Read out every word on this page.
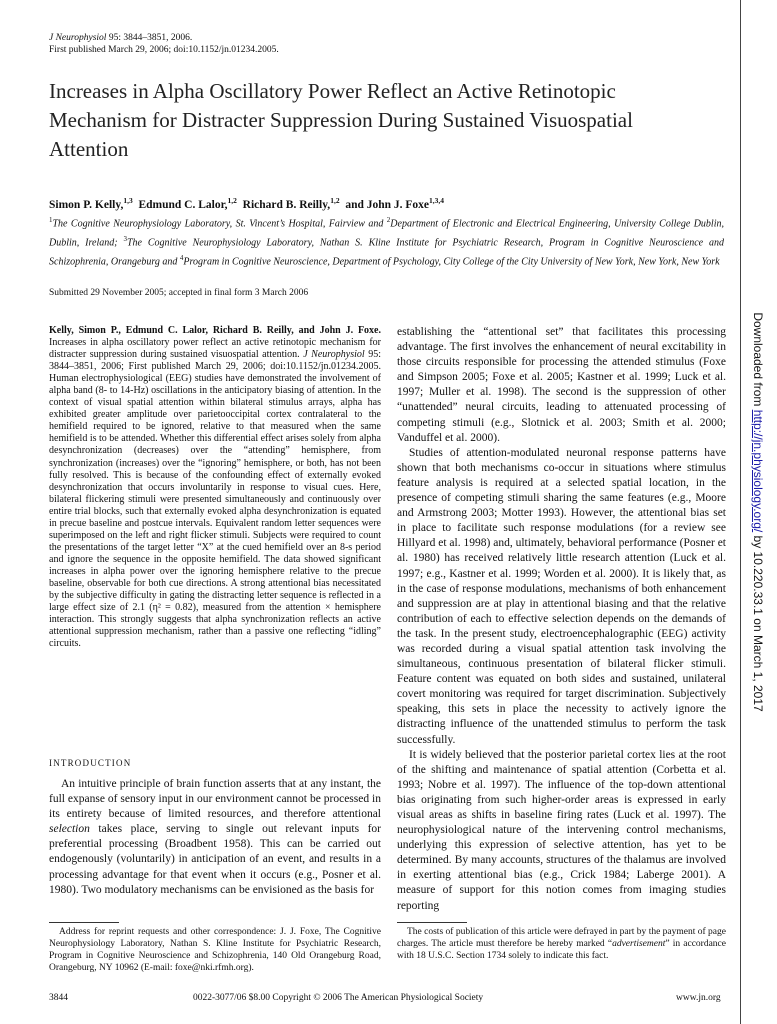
J Neurophysiol 95: 3844–3851, 2006.
First published March 29, 2006; doi:10.1152/jn.01234.2005.
Increases in Alpha Oscillatory Power Reflect an Active Retinotopic Mechanism for Distracter Suppression During Sustained Visuospatial Attention
Simon P. Kelly,$^{1,3}$ Edmund C. Lalor,$^{1,2}$ Richard B. Reilly,$^{1,2}$ and John J. Foxe$^{1,3,4}$
$^1$The Cognitive Neurophysiology Laboratory, St. Vincent’s Hospital, Fairview and $^2$Department of Electronic and Electrical Engineering, University College Dublin, Dublin, Ireland; $^3$The Cognitive Neurophysiology Laboratory, Nathan S. Kline Institute for Psychiatric Research, Program in Cognitive Neuroscience and Schizophrenia, Orangeburg and $^4$Program in Cognitive Neuroscience, Department of Psychology, City College of the City University of New York, New York, New York
Submitted 29 November 2005; accepted in final form 3 March 2006
Kelly, Simon P., Edmund C. Lalor, Richard B. Reilly, and John J. Foxe. Increases in alpha oscillatory power reflect an active retinotopic mechanism for distracter suppression during sustained visuospatial attention. J Neurophysiol 95: 3844–3851, 2006; First published March 29, 2006; doi:10.1152/jn.01234.2005. Human electrophysiological (EEG) studies have demonstrated the involvement of alpha band (8- to 14-Hz) oscillations in the anticipatory biasing of attention. In the context of visual spatial attention within bilateral stimulus arrays, alpha has exhibited greater amplitude over parietooccipital cortex contralateral to the hemifield required to be ignored, relative to that measured when the same hemifield is to be attended. Whether this differential effect arises solely from alpha desynchronization (decreases) over the “attending” hemisphere, from synchronization (increases) over the “ignoring” hemisphere, or both, has not been fully resolved. This is because of the confounding effect of externally evoked desynchronization that occurs involuntarily in response to visual cues. Here, bilateral flickering stimuli were presented simultaneously and continuously over entire trial blocks, such that externally evoked alpha desynchronization is equated in precue baseline and postcue intervals. Equivalent random letter sequences were superimposed on the left and right flicker stimuli. Subjects were required to count the presentations of the target letter “X” at the cued hemifield over an 8-s period and ignore the sequence in the opposite hemifield. The data showed significant increases in alpha power over the ignoring hemisphere relative to the precue baseline, observable for both cue directions. A strong attentional bias necessitated by the subjective difficulty in gating the distracting letter sequence is reflected in a large effect size of 2.1 (η² = 0.82), measured from the attention × hemisphere interaction. This strongly suggests that alpha synchronization reflects an active attentional suppression mechanism, rather than a passive one reflecting “idling” circuits.
INTRODUCTION
An intuitive principle of brain function asserts that at any instant, the full expanse of sensory input in our environment cannot be processed in its entirety because of limited resources, and therefore attentional selection takes place, serving to single out relevant inputs for preferential processing (Broadbent 1958). This can be carried out endogenously (voluntarily) in anticipation of an event, and results in a processing advantage for that event when it occurs (e.g., Posner et al. 1980). Two modulatory mechanisms can be envisioned as the basis for

establishing the “attentional set” that facilitates this processing advantage. The first involves the enhancement of neural excitability in those circuits responsible for processing the attended stimulus (Foxe and Simpson 2005; Foxe et al. 2005; Kastner et al. 1999; Luck et al. 1997; Muller et al. 1998). The second is the suppression of other “unattended” neural circuits, leading to attenuated processing of competing stimuli (e.g., Slotnick et al. 2003; Smith et al. 2000; Vanduffel et al. 2000).

Studies of attention-modulated neuronal response patterns have shown that both mechanisms co-occur in situations where stimulus feature analysis is required at a selected spatial location, in the presence of competing stimuli sharing the same features (e.g., Moore and Armstrong 2003; Motter 1993). However, the attentional bias set in place to facilitate such response modulations (for a review see Hillyard et al. 1998) and, ultimately, behavioral performance (Posner et al. 1980) has received relatively little research attention (Luck et al. 1997; e.g., Kastner et al. 1999; Worden et al. 2000). It is likely that, as in the case of response modulations, mechanisms of both enhancement and suppression are at play in attentional biasing and that the relative contribution of each to effective selection depends on the demands of the task. In the present study, electroencephalographic (EEG) activity was recorded during a visual spatial attention task involving the simultaneous, continuous presentation of bilateral flicker stimuli. Feature content was equated on both sides and sustained, unilateral covert monitoring was required for target discrimination. Subjectively speaking, this sets in place the necessity to actively ignore the distracting influence of the unattended stimulus to perform the task successfully.

It is widely believed that the posterior parietal cortex lies at the root of the shifting and maintenance of spatial attention (Corbetta et al. 1993; Nobre et al. 1997). The influence of the top-down attentional bias originating from such higher-order areas is expressed in early visual areas as shifts in baseline firing rates (Luck et al. 1997). The neurophysiological nature of the intervening control mechanisms, underlying this expression of selective attention, has yet to be determined. By many accounts, structures of the thalamus are involved in exerting attentional bias (e.g., Crick 1984; Laberge 2001). A measure of support for this notion comes from imaging studies reporting

Address for reprint requests and other correspondence: J. J. Foxe, The Cognitive Neurophysiology Laboratory, Nathan S. Kline Institute for Psychiatric Research, Program in Cognitive Neuroscience and Schizophrenia, 140 Old Orangeburg Road, Orangeburg, NY 10962 (E-mail: foxe@nki.rfmh.org).
The costs of publication of this article were defrayed in part by the payment of page charges. The article must therefore be hereby marked “advertisement” in accordance with 18 U.S.C. Section 1734 solely to indicate this fact.
3844	0022-3077/06 $8.00 Copyright © 2006 The American Physiological Society	www.jn.org
Downloaded from http://jn.physiology.org/ by 10.220.33.1 on March 1, 2017
